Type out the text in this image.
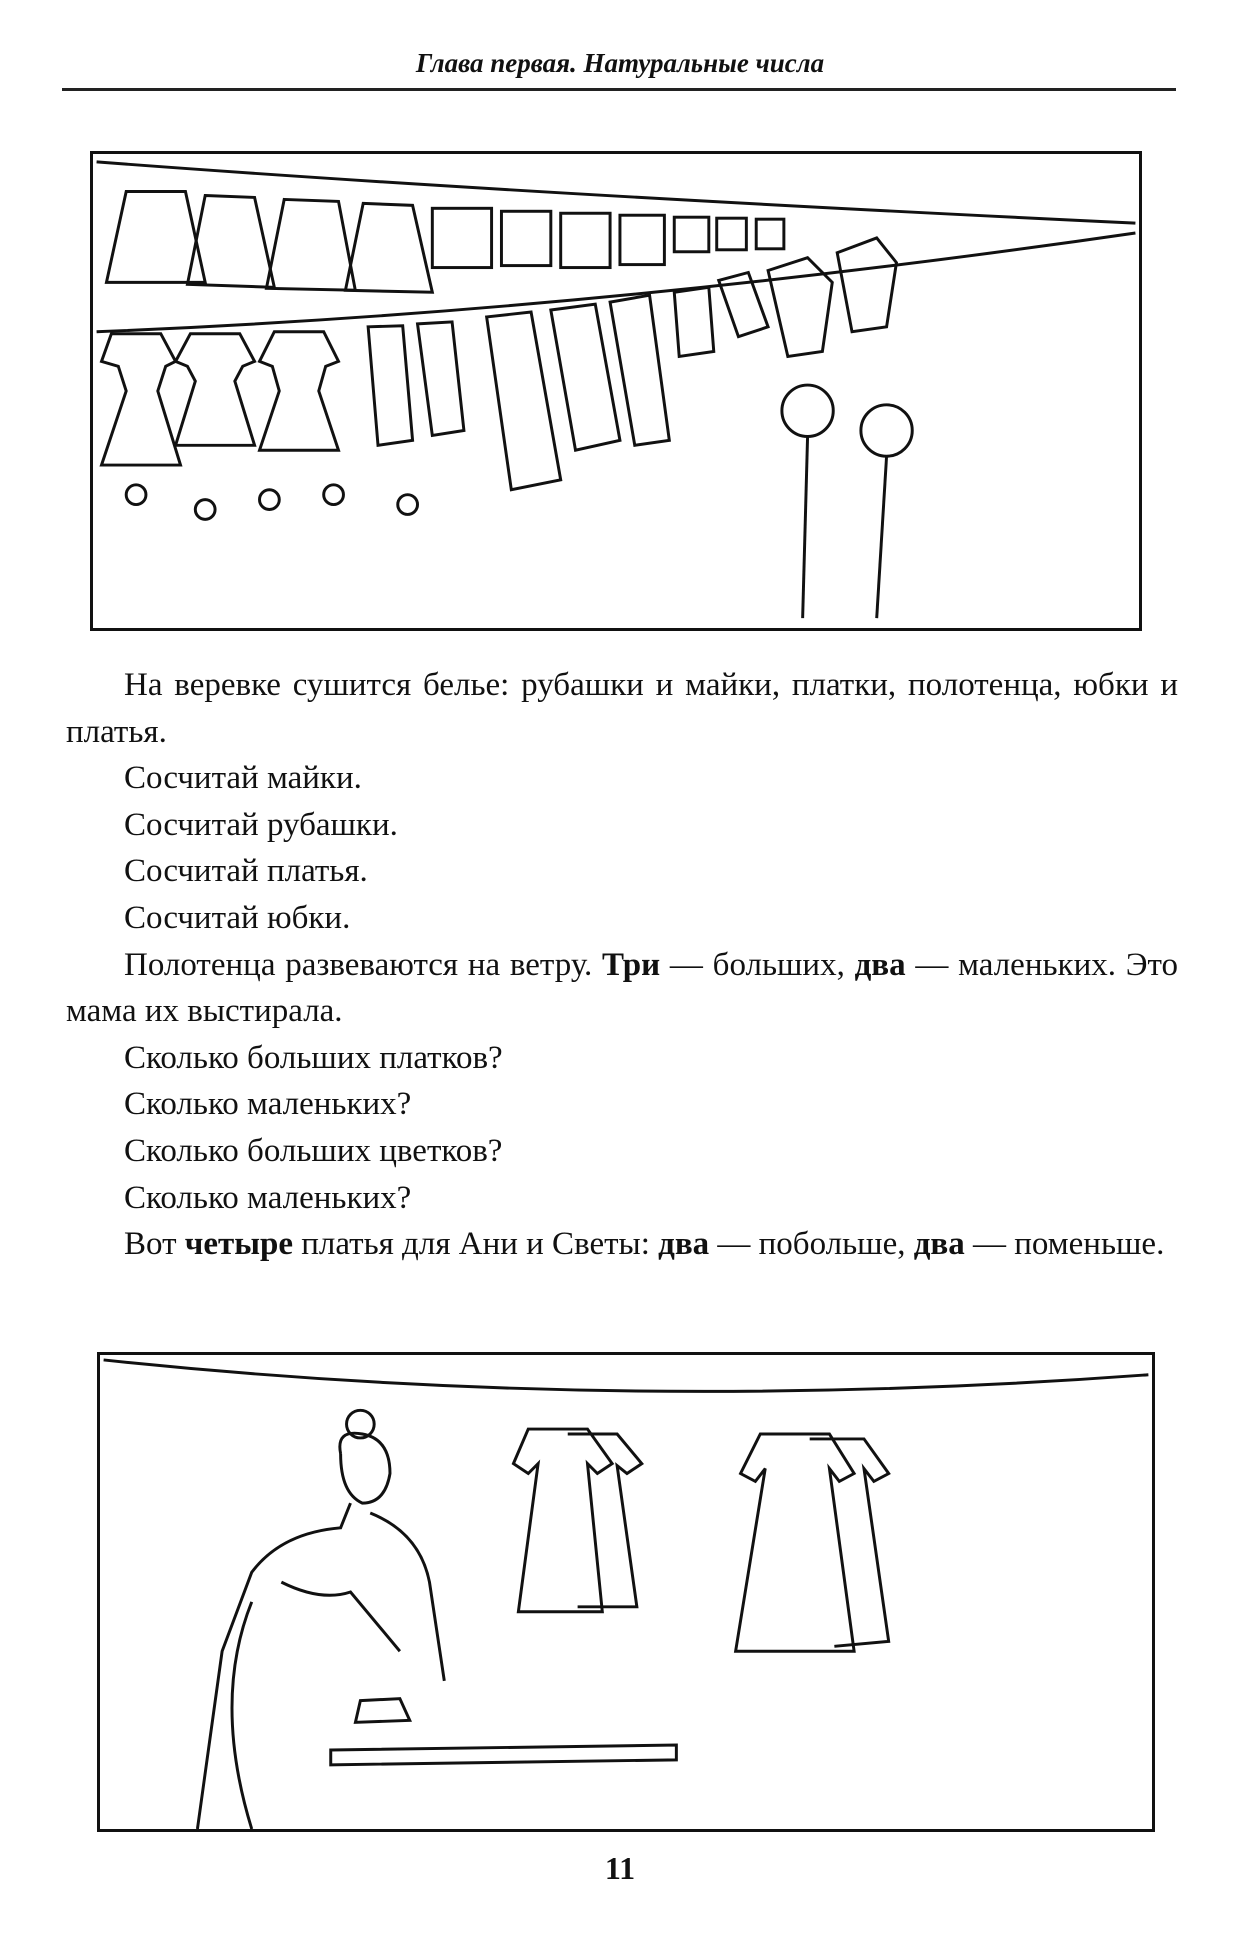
Глава первая. Натуральные числа

На веревке сушится белье: рубашки и майки, платки, полотенца, юбки и платья.

Сосчитай майки.

Сосчитай рубашки.

Сосчитай платья.

Сосчитай юбки.

Полотенца развеваются на ветру. Три — больших, два — маленьких. Это мама их выстирала.

Сколько больших платков?

Сколько маленьких?

Сколько больших цветков?

Сколько маленьких?

Вот четыре платья для Ани и Светы: два — побольше, два — поменьше.

11
